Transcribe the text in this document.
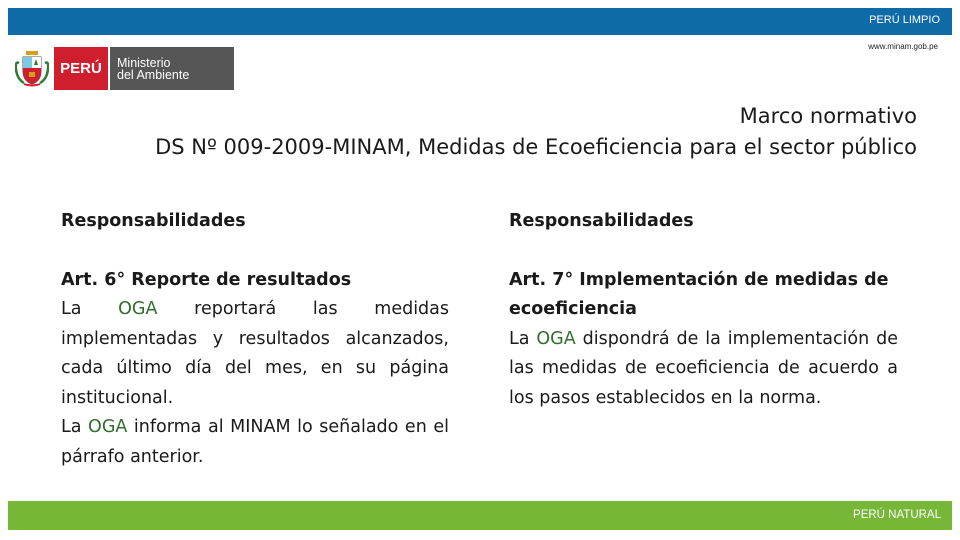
PERÚ LIMPIO
www.minam.gob.pe
PERÚ	Ministerio
del Ambiente
Marco normativo
DS Nº 009-2009-MINAM, Medidas de Ecoeficiencia para el sector público
Responsabilidades
Art. 6° Reporte de resultados

La OGA reportará las medidas implementadas y resultados alcanzados, cada último día del mes, en su página institucional.

La OGA informa al MINAM lo señalado en el párrafo anterior.

Responsabilidades
Art. 7° Implementación de medidas de ecoeficiencia

La OGA dispondrá de la implementación de las medidas de ecoeficiencia de acuerdo a los pasos establecidos en la norma.

PERÚ NATURAL
